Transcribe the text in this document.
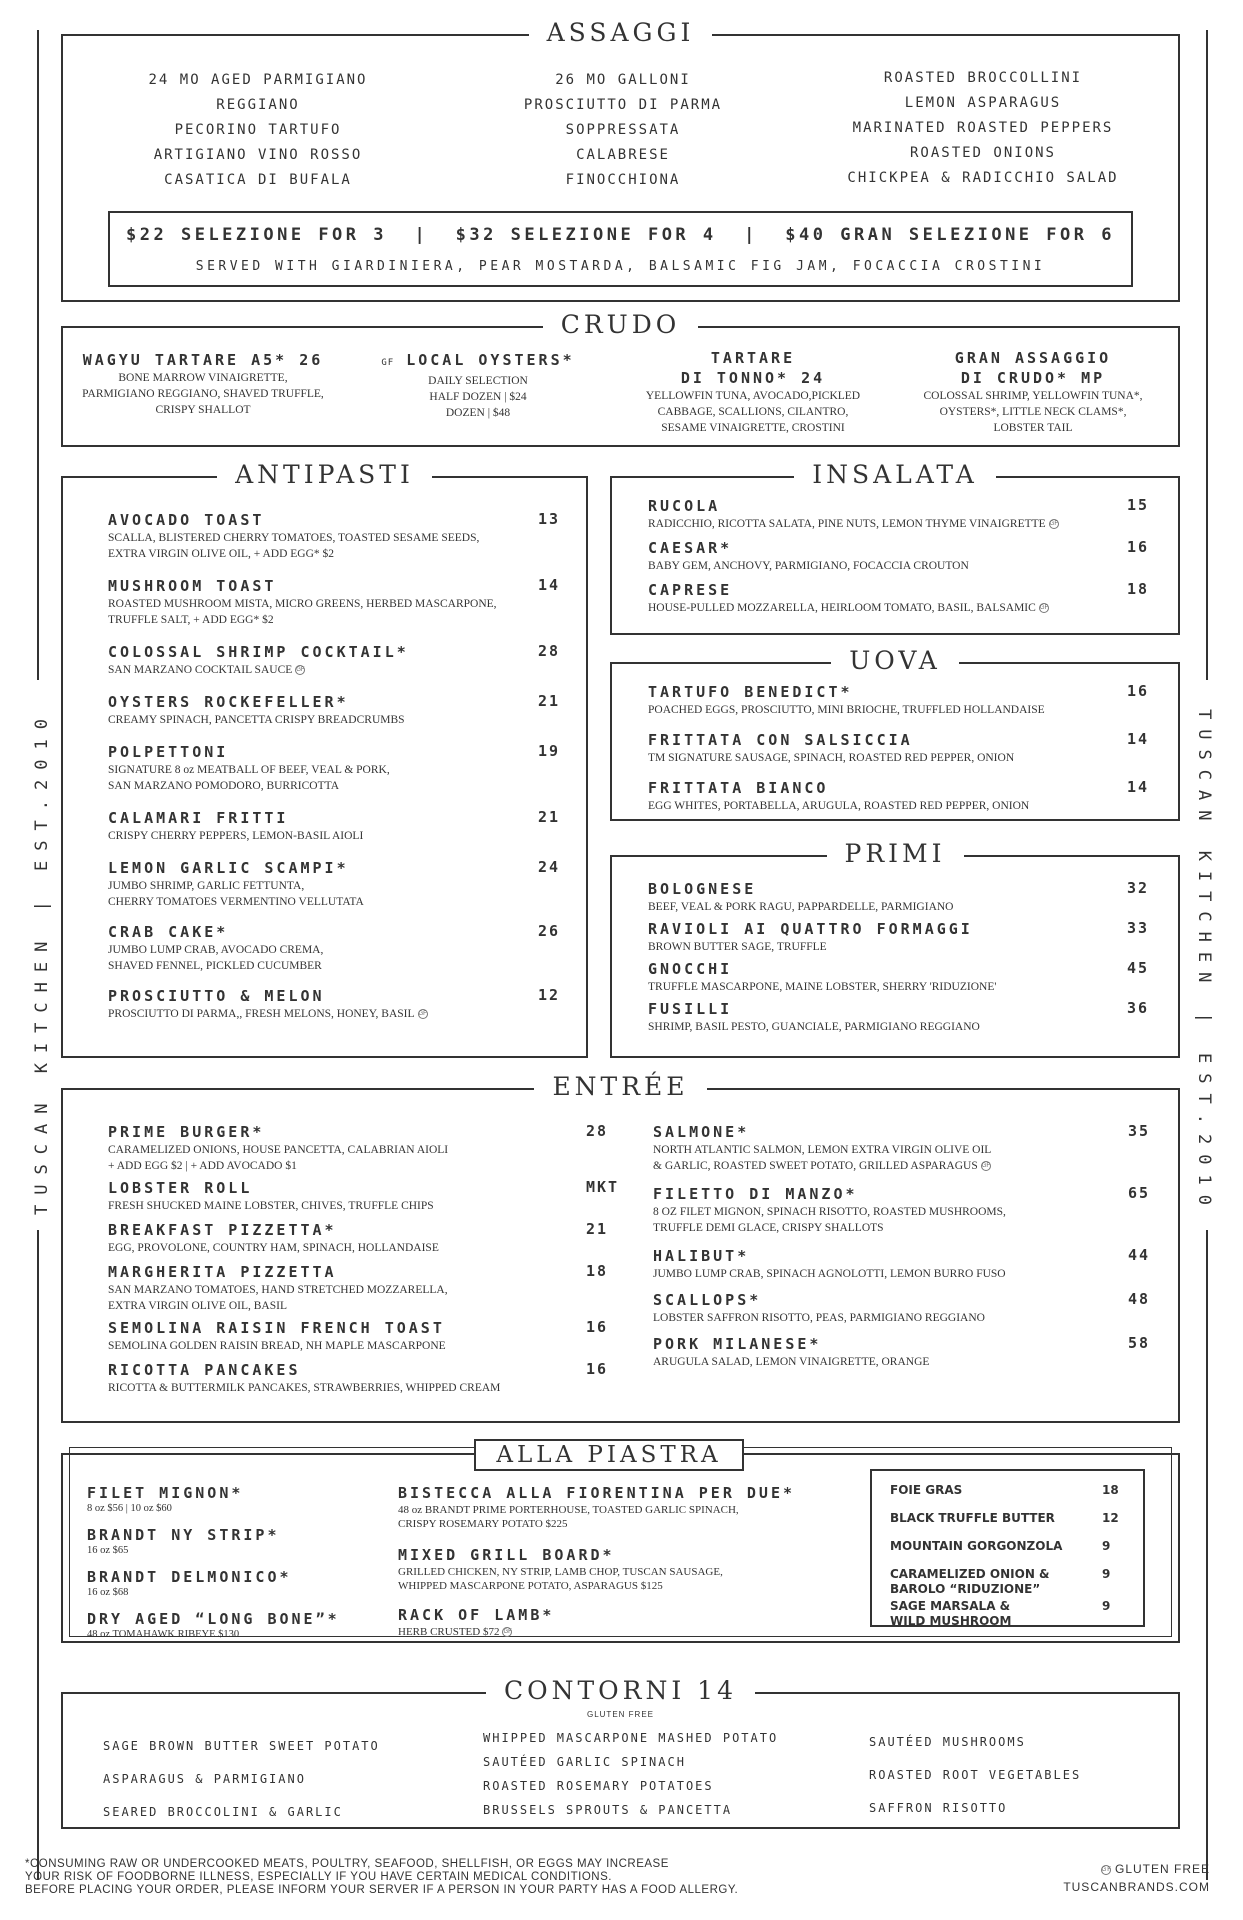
TUSCAN KITCHEN | EST.2010	TUSCAN KITCHEN | EST.2010
ASSAGGI
24 MO AGED PARMIGIANO REGGIANO
PECORINO TARTUFO
ARTIGIANO VINO ROSSO
CASATICA DI BUFALA
26 MO GALLONI
PROSCIUTTO DI PARMA
SOPPRESSATA
CALABRESE
FINOCCHIONA
ROASTED BROCCOLLINI
LEMON ASPARAGUS
MARINATED ROASTED PEPPERS
ROASTED ONIONS
CHICKPEA & RADICCHIO SALAD
$22 SELEZIONE FOR 3  |  $32 SELEZIONE FOR 4  |  $40 GRAN SELEZIONE FOR 6
SERVED WITH GIARDINIERA, PEAR MOSTARDA, BALSAMIC FIG JAM, FOCACCIA CROSTINI
CRUDO
WAGYU TARTARE A5* 26
BONE MARROW VINAIGRETTE,
PARMIGIANO REGGIANO, SHAVED TRUFFLE,
CRISPY SHALLOT
GF LOCAL OYSTERS*
DAILY SELECTION
HALF DOZEN | $24
DOZEN | $48
TARTARE
DI TONNO* 24
YELLOWFIN TUNA, AVOCADO,PICKLED
CABBAGE, SCALLIONS, CILANTRO,
SESAME VINAIGRETTE, CROSTINI
GRAN ASSAGGIO
DI CRUDO* MP
COLOSSAL SHRIMP, YELLOWFIN TUNA*,
OYSTERS*, LITTLE NECK CLAMS*,
LOBSTER TAIL
ANTIPASTI
AVOCADO TOAST
SCALLA, BLISTERED CHERRY TOMATOES, TOASTED SESAME SEEDS,
EXTRA VIRGIN OLIVE OIL, + ADD EGG* $2
13
MUSHROOM TOAST
ROASTED MUSHROOM MISTA, MICRO GREENS, HERBED MASCARPONE,
TRUFFLE SALT, + ADD EGG* $2
14
COLOSSAL SHRIMP COCKTAIL*
SAN MARZANO COCKTAIL SAUCE GF
28
OYSTERS ROCKEFELLER*
CREAMY SPINACH, PANCETTA CRISPY BREADCRUMBS
21
POLPETTONI
SIGNATURE 8 oz MEATBALL OF BEEF, VEAL & PORK,
SAN MARZANO POMODORO, BURRICOTTA
19
CALAMARI FRITTI
CRISPY CHERRY PEPPERS, LEMON-BASIL AIOLI
21
LEMON GARLIC SCAMPI*
JUMBO SHRIMP, GARLIC FETTUNTA,
CHERRY TOMATOES VERMENTINO VELLUTATA
24
CRAB CAKE*
JUMBO LUMP CRAB, AVOCADO CREMA,
SHAVED FENNEL, PICKLED CUCUMBER
26
PROSCIUTTO & MELON
PROSCIUTTO DI PARMA,, FRESH MELONS, HONEY, BASIL GF
12
INSALATA
RUCOLA
RADICCHIO, RICOTTA SALATA, PINE NUTS, LEMON THYME VINAIGRETTE GF
15
CAESAR*
BABY GEM, ANCHOVY, PARMIGIANO, FOCACCIA CROUTON
16
CAPRESE
HOUSE-PULLED MOZZARELLA, HEIRLOOM TOMATO, BASIL, BALSAMIC GF
18
UOVA
TARTUFO BENEDICT*
POACHED EGGS, PROSCIUTTO, MINI BRIOCHE, TRUFFLED HOLLANDAISE
16
FRITTATA CON SALSICCIA
TM SIGNATURE SAUSAGE, SPINACH, ROASTED RED PEPPER, ONION
14
FRITTATA BIANCO
EGG WHITES, PORTABELLA, ARUGULA, ROASTED RED PEPPER, ONION
14
PRIMI
BOLOGNESE
BEEF, VEAL & PORK RAGU, PAPPARDELLE, PARMIGIANO
32
RAVIOLI AI QUATTRO FORMAGGI
BROWN BUTTER SAGE, TRUFFLE
33
GNOCCHI
TRUFFLE MASCARPONE, MAINE LOBSTER, SHERRY 'RIDUZIONE'
45
FUSILLI
SHRIMP, BASIL PESTO, GUANCIALE, PARMIGIANO REGGIANO
36
ENTRÉE
PRIME BURGER*
CARAMELIZED ONIONS, HOUSE PANCETTA, CALABRIAN AIOLI
+ ADD EGG $2 | + ADD AVOCADO $1
28
LOBSTER ROLL
FRESH SHUCKED MAINE LOBSTER, CHIVES, TRUFFLE CHIPS
MKT
BREAKFAST PIZZETTA*
EGG, PROVOLONE, COUNTRY HAM, SPINACH, HOLLANDAISE
21
MARGHERITA PIZZETTA
SAN MARZANO TOMATOES, HAND STRETCHED MOZZARELLA,
EXTRA VIRGIN OLIVE OIL, BASIL
18
SEMOLINA RAISIN FRENCH TOAST
SEMOLINA GOLDEN RAISIN BREAD, NH MAPLE MASCARPONE
16
RICOTTA PANCAKES
RICOTTA & BUTTERMILK PANCAKES, STRAWBERRIES, WHIPPED CREAM
16
SALMONE*
NORTH ATLANTIC SALMON, LEMON EXTRA VIRGIN OLIVE OIL
& GARLIC, ROASTED SWEET POTATO, GRILLED ASPARAGUS GF
35
FILETTO DI MANZO*
8 OZ FILET MIGNON, SPINACH RISOTTO, ROASTED MUSHROOMS,
TRUFFLE DEMI GLACE, CRISPY SHALLOTS
65
HALIBUT*
JUMBO LUMP CRAB, SPINACH AGNOLOTTI, LEMON BURRO FUSO
44
SCALLOPS*
LOBSTER SAFFRON RISOTTO, PEAS, PARMIGIANO REGGIANO
48
PORK MILANESE*
ARUGULA SALAD, LEMON VINAIGRETTE, ORANGE
58
ALLA PIASTRA
FILET MIGNON*
8 oz $56 | 10 oz $60
BRANDT NY STRIP*
16 oz $65
BRANDT DELMONICO*
16 oz $68
DRY AGED “LONG BONE”*
48 oz TOMAHAWK RIBEYE $130
BISTECCA ALLA FIORENTINA PER DUE*
48 oz BRANDT PRIME PORTERHOUSE, TOASTED GARLIC SPINACH,
CRISPY ROSEMARY POTATO $225
MIXED GRILL BOARD*
GRILLED CHICKEN, NY STRIP, LAMB CHOP, TUSCAN SAUSAGE,
WHIPPED MASCARPONE POTATO, ASPARAGUS $125
RACK OF LAMB*
HERB CRUSTED $72 GF
FOIE GRAS	18
BLACK TRUFFLE BUTTER	12
MOUNTAIN GORGONZOLA	9
CARAMELIZED ONION &
BAROLO “RIDUZIONE”
9
SAGE MARSALA &
WILD MUSHROOM
9
CONTORNI 14
GLUTEN FREE
SAGE BROWN BUTTER SWEET POTATO
ASPARAGUS & PARMIGIANO
SEARED BROCCOLINI & GARLIC
WHIPPED MASCARPONE MASHED POTATO
SAUTÉED GARLIC SPINACH
ROASTED ROSEMARY POTATOES
BRUSSELS SPROUTS & PANCETTA
SAUTÉED MUSHROOMS
ROASTED ROOT VEGETABLES
SAFFRON RISOTTO
*CONSUMING RAW OR UNDERCOOKED MEATS, POULTRY, SEAFOOD, SHELLFISH, OR EGGS MAY INCREASE
YOUR RISK OF FOODBORNE ILLNESS, ESPECIALLY IF YOU HAVE CERTAIN MEDICAL CONDITIONS.
BEFORE PLACING YOUR ORDER, PLEASE INFORM YOUR SERVER IF A PERSON IN YOUR PARTY HAS A FOOD ALLERGY.
GF GLUTEN FREE
TUSCANBRANDS.COM
